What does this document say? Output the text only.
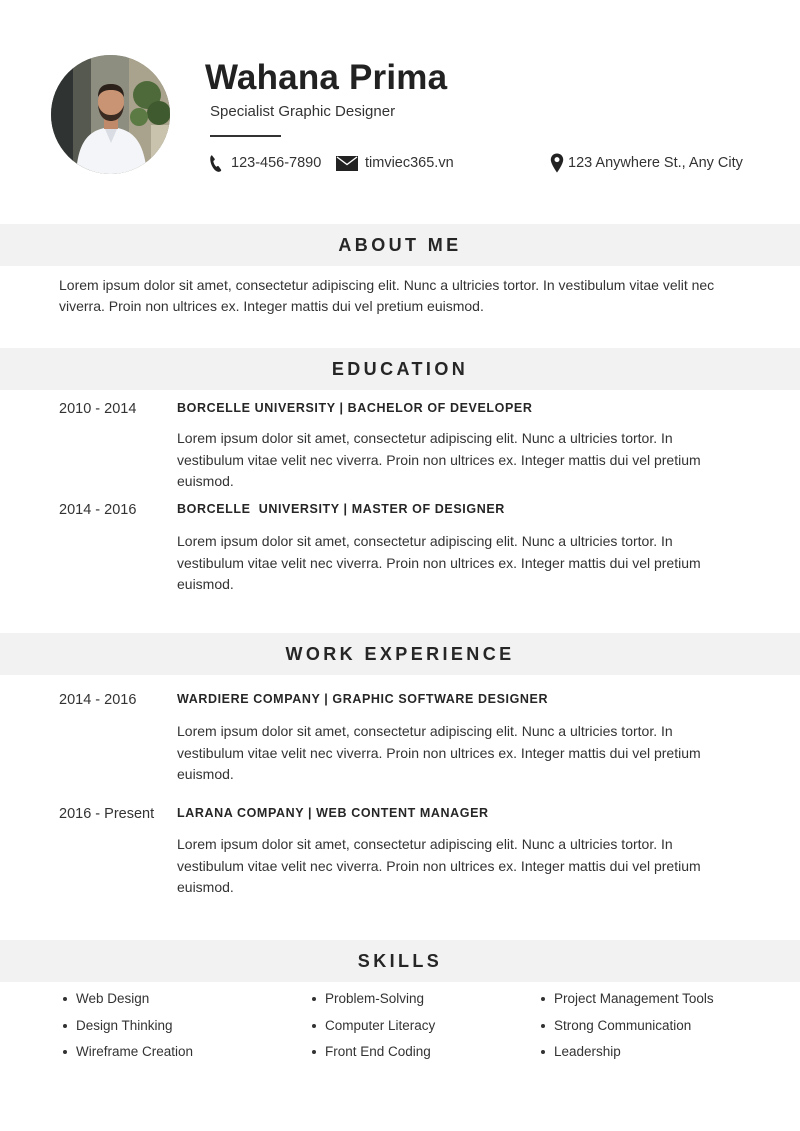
Wahana Prima
Specialist Graphic Designer
123-456-7890	timviec365.vn	123 Anywhere St., Any City
ABOUT ME

Lorem ipsum dolor sit amet, consectetur adipiscing elit. Nunc a ultricies tortor. In vestibulum vitae velit nec viverra. Proin non ultrices ex. Integer mattis dui vel pretium euismod.

EDUCATION
2010 - 2014	BORCELLE UNIVERSITY | BACHELOR OF DEVELOPER

Lorem ipsum dolor sit amet, consectetur adipiscing elit. Nunc a ultricies tortor. In vestibulum vitae velit nec viverra. Proin non ultrices ex. Integer mattis dui vel pretium euismod.

2014 - 2016	BORCELLE  UNIVERSITY | MASTER OF DESIGNER

Lorem ipsum dolor sit amet, consectetur adipiscing elit. Nunc a ultricies tortor. In vestibulum vitae velit nec viverra. Proin non ultrices ex. Integer mattis dui vel pretium euismod.

WORK EXPERIENCE
2014 - 2016	WARDIERE COMPANY | GRAPHIC SOFTWARE DESIGNER

Lorem ipsum dolor sit amet, consectetur adipiscing elit. Nunc a ultricies tortor. In vestibulum vitae velit nec viverra. Proin non ultrices ex. Integer mattis dui vel pretium euismod.

2016 - Present LARANA COMPANY | WEB CONTENT MANAGER

Lorem ipsum dolor sit amet, consectetur adipiscing elit. Nunc a ultricies tortor. In vestibulum vitae velit nec viverra. Proin non ultrices ex. Integer mattis dui vel pretium euismod.

SKILLS
Web Design
Design Thinking
Wireframe Creation
Problem-Solving
Computer Literacy
Front End Coding
Project Management Tools
Strong Communication
Leadership
